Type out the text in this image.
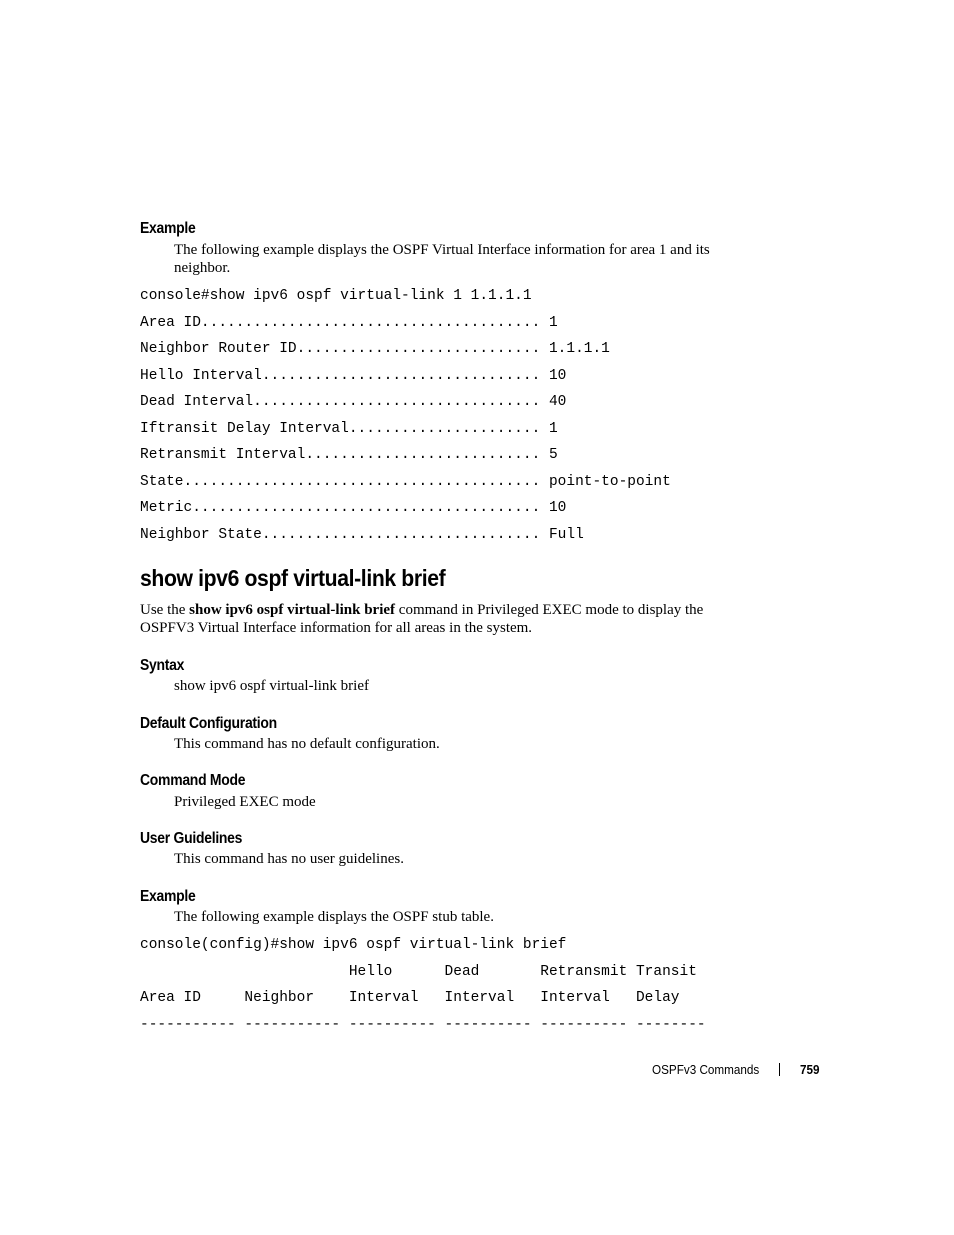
Example
The following example displays the OSPF Virtual Interface information for area 1 and its
neighbor.
console#show ipv6 ospf virtual-link 1 1.1.1.1
Area ID....................................... 1
Neighbor Router ID............................ 1.1.1.1
Hello Interval................................ 10
Dead Interval................................. 40
Iftransit Delay Interval...................... 1
Retransmit Interval........................... 5
State......................................... point-to-point
Metric........................................ 10
Neighbor State................................ Full
show ipv6 ospf virtual-link brief
Use the show ipv6 ospf virtual-link brief command in Privileged EXEC mode to display the
OSPFV3 Virtual Interface information for all areas in the system.
Syntax
show ipv6 ospf virtual-link brief
Default Configuration
This command has no default configuration.
Command Mode
Privileged EXEC mode
User Guidelines
This command has no user guidelines.
Example
The following example displays the OSPF stub table.
console(config)#show ipv6 ospf virtual-link brief
Hello      Dead       Retransmit Transit
Area ID     Neighbor    Interval   Interval   Interval   Delay
----------- ----------- ---------- ---------- ---------- --------
OSPFv3 Commands	759
